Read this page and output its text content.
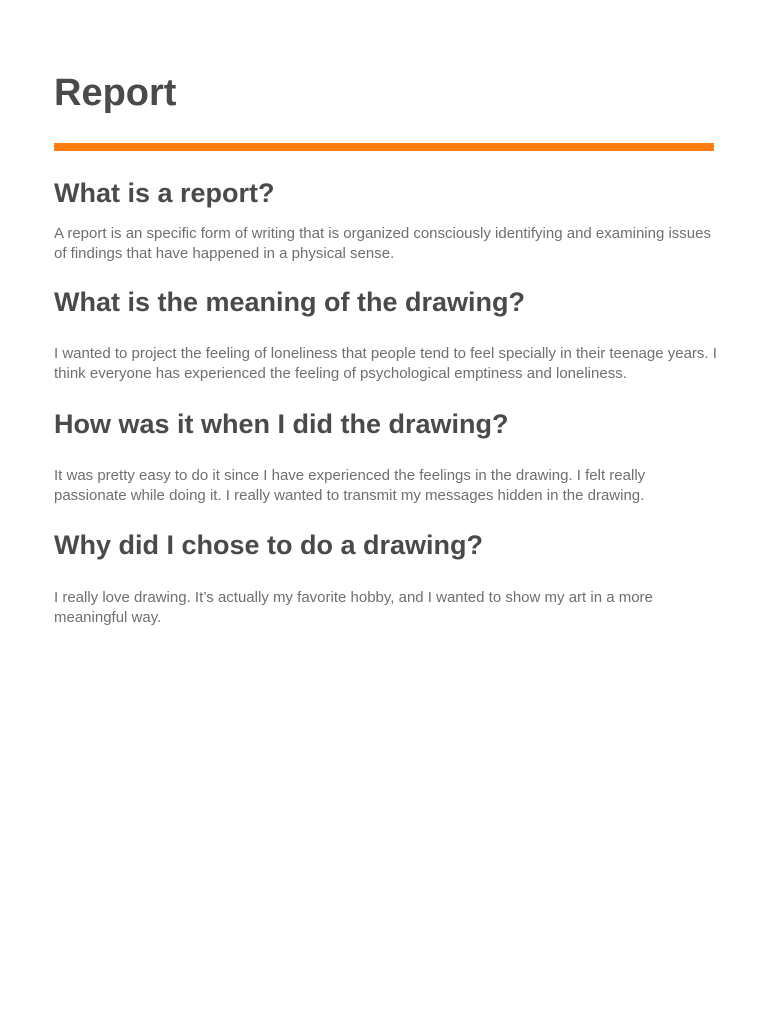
Report
What is a report?

A report is an specific form of writing that is organized consciously identifying and examining issues of findings that have happened in a physical sense.

What is the meaning of the drawing?

I wanted to project the feeling of loneliness that people tend to feel specially in their teenage years. I think everyone has experienced the feeling of psychological emptiness and loneliness.

How was it when I did the drawing?

It was pretty easy to do it since I have experienced the feelings in the drawing. I felt really passionate while doing it. I really wanted to transmit my messages hidden in the drawing.

Why did I chose to do a drawing?

I really love drawing. It’s actually my favorite hobby, and I wanted to show my art in a more meaningful way.
